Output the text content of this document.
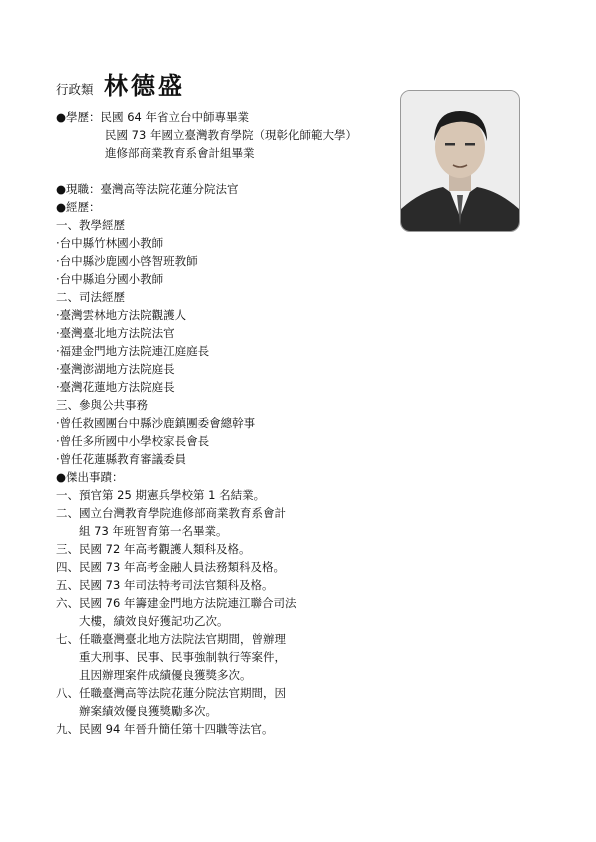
行政類 林德盛
●學歷：民國 64 年省立台中師專畢業
民國 73 年國立臺灣教育學院（現彰化師範大學）
進修部商業教育系會計組畢業
●現職：臺灣高等法院花蓮分院法官
●經歷：
一、教學經歷
‧台中縣竹林國小教師
‧台中縣沙鹿國小啓智班教師
‧台中縣追分國小教師
二、司法經歷
‧臺灣雲林地方法院觀護人
‧臺灣臺北地方法院法官
‧福建金門地方法院連江庭庭長
‧臺灣澎湖地方法院庭長
‧臺灣花蓮地方法院庭長
三、參與公共事務
‧曾任救國團台中縣沙鹿鎮團委會總幹事
‧曾任多所國中小學校家長會長
‧曾任花蓮縣教育審議委員
●傑出事蹟：
一、預官第 25 期憲兵學校第 1 名結業。
二、國立台灣教育學院進修部商業教育系會計
組 73 年班智育第一名畢業。
三、民國 72 年高考觀護人類科及格。
四、民國 73 年高考金融人員法務類科及格。
五、民國 73 年司法特考司法官類科及格。
六、民國 76 年籌建金門地方法院連江聯合司法
大樓，績效良好獲記功乙次。
七、任職臺灣臺北地方法院法官期間，曾辦理
重大刑事、民事、民事強制執行等案件，
且因辦理案件成績優良獲獎多次。
八、任職臺灣高等法院花蓮分院法官期間，因
辦案績效優良獲獎勵多次。
九、民國 94 年晉升簡任第十四職等法官。
